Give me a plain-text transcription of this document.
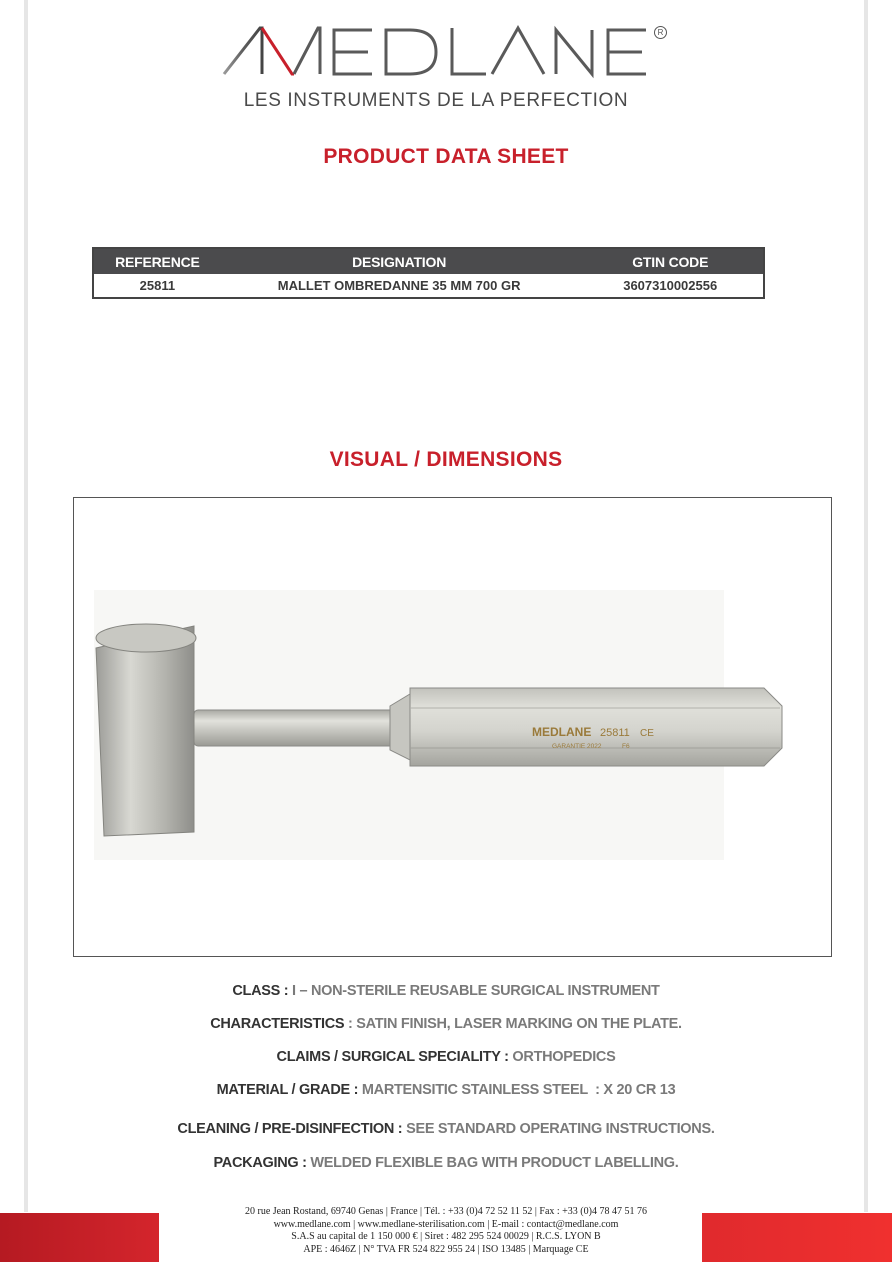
R
LES INSTRUMENTS DE LA PERFECTION
PRODUCT DATA SHEET
REFERENCE	DESIGNATION	GTIN CODE
25811	MALLET OMBREDANNE 35 MM 700 GR	3607310002556
VISUAL / DIMENSIONS
MEDLANE 25811 CE
GARANTIE 2022	F6
CLASS : I – NON-STERILE REUSABLE SURGICAL INSTRUMENT
CHARACTERISTICS : SATIN FINISH, LASER MARKING ON THE PLATE.
CLAIMS / SURGICAL SPECIALITY : ORTHOPEDICS
MATERIAL / GRADE : MARTENSITIC STAINLESS STEEL  : X 20 CR 13
CLEANING / PRE-DISINFECTION : SEE STANDARD OPERATING INSTRUCTIONS.
PACKAGING : WELDED FLEXIBLE BAG WITH PRODUCT LABELLING.
20 rue Jean Rostand, 69740 Genas | France | Tél. : +33 (0)4 72 52 11 52 | Fax : +33 (0)4 78 47 51 76
www.medlane.com | www.medlane-sterilisation.com | E-mail : contact@medlane.com
S.A.S au capital de 1 150 000 € | Siret : 482 295 524 00029 | R.C.S. LYON B
APE : 4646Z | N° TVA FR 524 822 955 24 | ISO 13485 | Marquage CE
